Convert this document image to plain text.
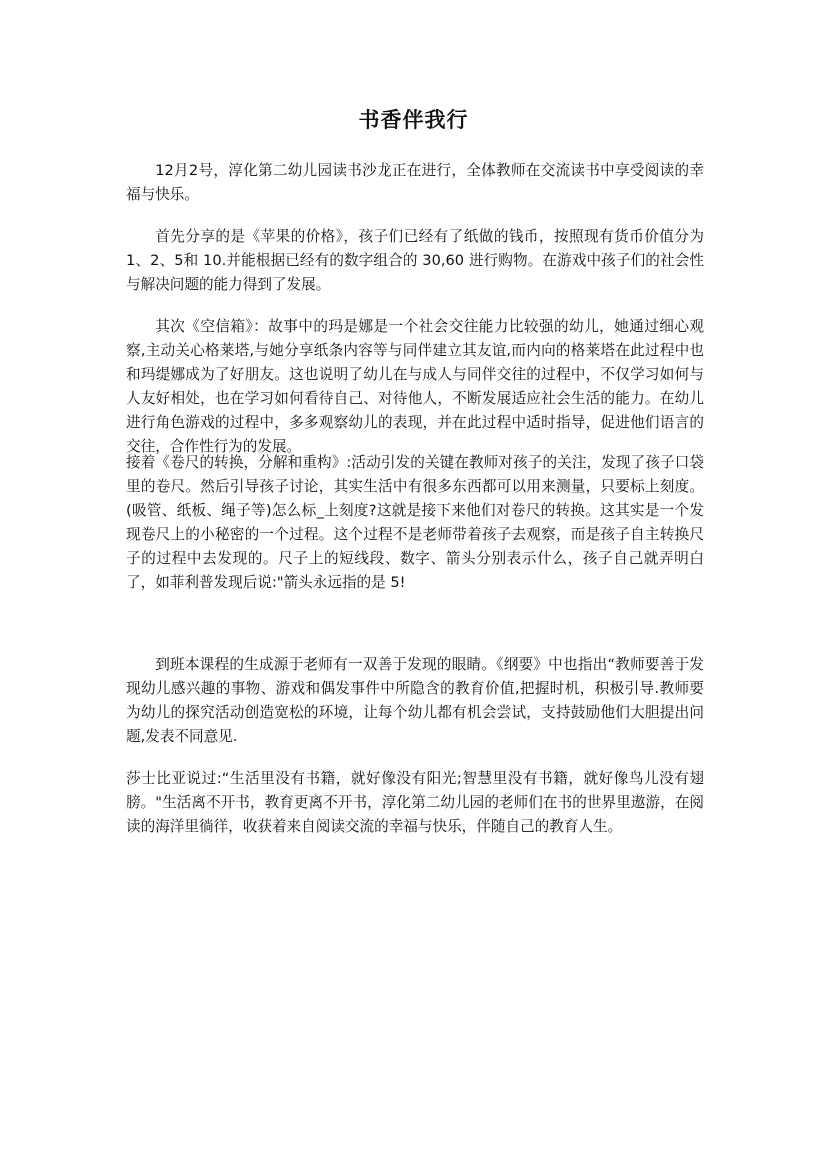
书香伴我行

12月2号，淳化第二幼儿园读书沙龙正在进行，全体教师在交流读书中享受阅读的幸福与快乐。

首先分享的是《苹果的价格》，孩子们已经有了纸做的钱币，按照现有货币价值分为 1、2、5和 10.并能根据已经有的数字组合的 30,60 进行购物。在游戏中孩子们的社会性与解决问题的能力得到了发展。

其次《空信箱》：故事中的玛是娜是一个社会交往能力比较强的幼儿，她通过细心观察,主动关心格莱塔,与她分享纸条内容等与同伴建立其友谊,而内向的格莱塔在此过程中也和玛缇娜成为了好朋友。这也说明了幼儿在与成人与同伴交往的过程中，不仅学习如何与人友好相处，也在学习如何看待自己、对待他人，不断发展适应社会生活的能力。在幼儿进行角色游戏的过程中，多多观察幼儿的表现，并在此过程中适时指导，促进他们语言的交往，合作性行为的发展。

接着《卷尺的转换，分解和重构》:活动引发的关键在教师对孩子的关注，发现了孩子口袋里的卷尺。然后引导孩子讨论，其实生活中有很多东西都可以用来测量，只要标上刻度。(吸管、纸板、绳子等)怎么标_上刻度?这就是接下来他们对卷尺的转换。这其实是一个发现卷尺上的小秘密的一个过程。这个过程不是老师带着孩子去观察，而是孩子自主转换尺子的过程中去发现的。尺子上的短线段、数字、箭头分别表示什么，孩子自己就弄明白了，如菲利普发现后说:"箭头永远指的是 5!

到班本课程的生成源于老师有一双善于发现的眼睛。《纲要》中也指出“教师要善于发现幼儿感兴趣的事物、游戏和偶发事件中所隐含的教育价值,把握时机，积极引导.教师要为幼儿的探究活动创造宽松的环境，让每个幼儿都有机会尝试，支持鼓励他们大胆提出问题,发表不同意见.

莎士比亚说过:“生活里没有书籍，就好像没有阳光;智慧里没有书籍，就好像鸟儿没有翅膀。"生活离不开书，教育更离不开书，淳化第二幼儿园的老师们在书的世界里遨游，在阅读的海洋里徜徉，收获着来自阅读交流的幸福与快乐，伴随自己的教育人生。
